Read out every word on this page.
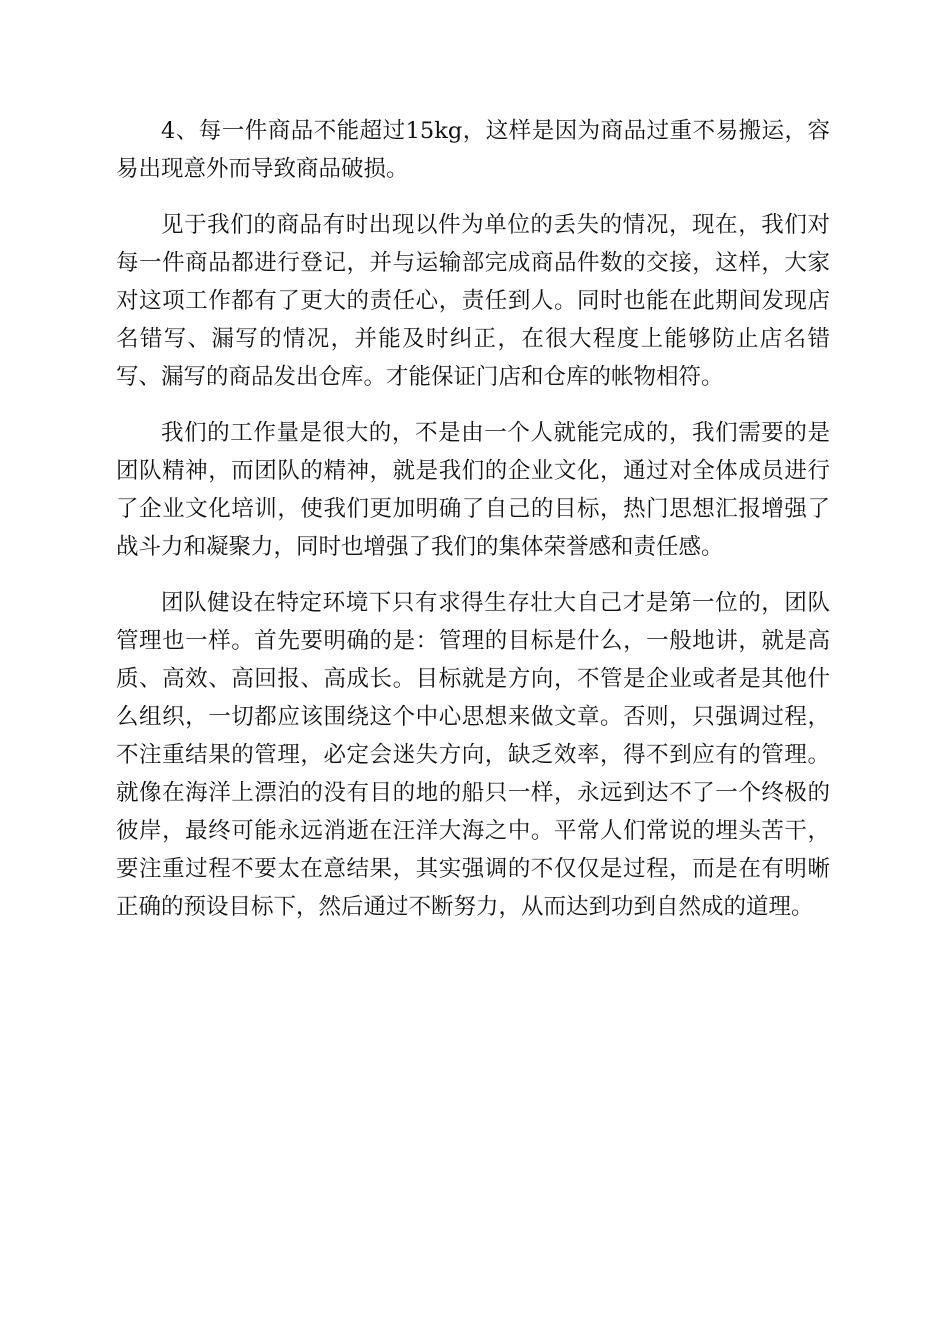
4、每一件商品不能超过15kg，这样是因为商品过重不易搬运，容易出现意外而导致商品破损。

见于我们的商品有时出现以件为单位的丢失的情况，现在，我们对每一件商品都进行登记，并与运输部完成商品件数的交接，这样，大家对这项工作都有了更大的责任心，责任到人。同时也能在此期间发现店名错写、漏写的情况，并能及时纠正，在很大程度上能够防止店名错写、漏写的商品发出仓库。才能保证门店和仓库的帐物相符。

我们的工作量是很大的，不是由一个人就能完成的，我们需要的是团队精神，而团队的精神，就是我们的企业文化，通过对全体成员进行了企业文化培训，使我们更加明确了自己的目标，热门思想汇报增强了战斗力和凝聚力，同时也增强了我们的集体荣誉感和责任感。

团队健设在特定环境下只有求得生存壮大自己才是第一位的，团队管理也一样。首先要明确的是：管理的目标是什么，一般地讲，就是高质、高效、高回报、高成长。目标就是方向，不管是企业或者是其他什么组织，一切都应该围绕这个中心思想来做文章。否则，只强调过程，不注重结果的管理，必定会迷失方向，缺乏效率，得不到应有的管理。就像在海洋上漂泊的没有目的地的船只一样，永远到达不了一个终极的彼岸，最终可能永远消逝在汪洋大海之中。平常人们常说的埋头苦干，要注重过程不要太在意结果，其实强调的不仅仅是过程，而是在有明晰正确的预设目标下，然后通过不断努力，从而达到功到自然成的道理。
